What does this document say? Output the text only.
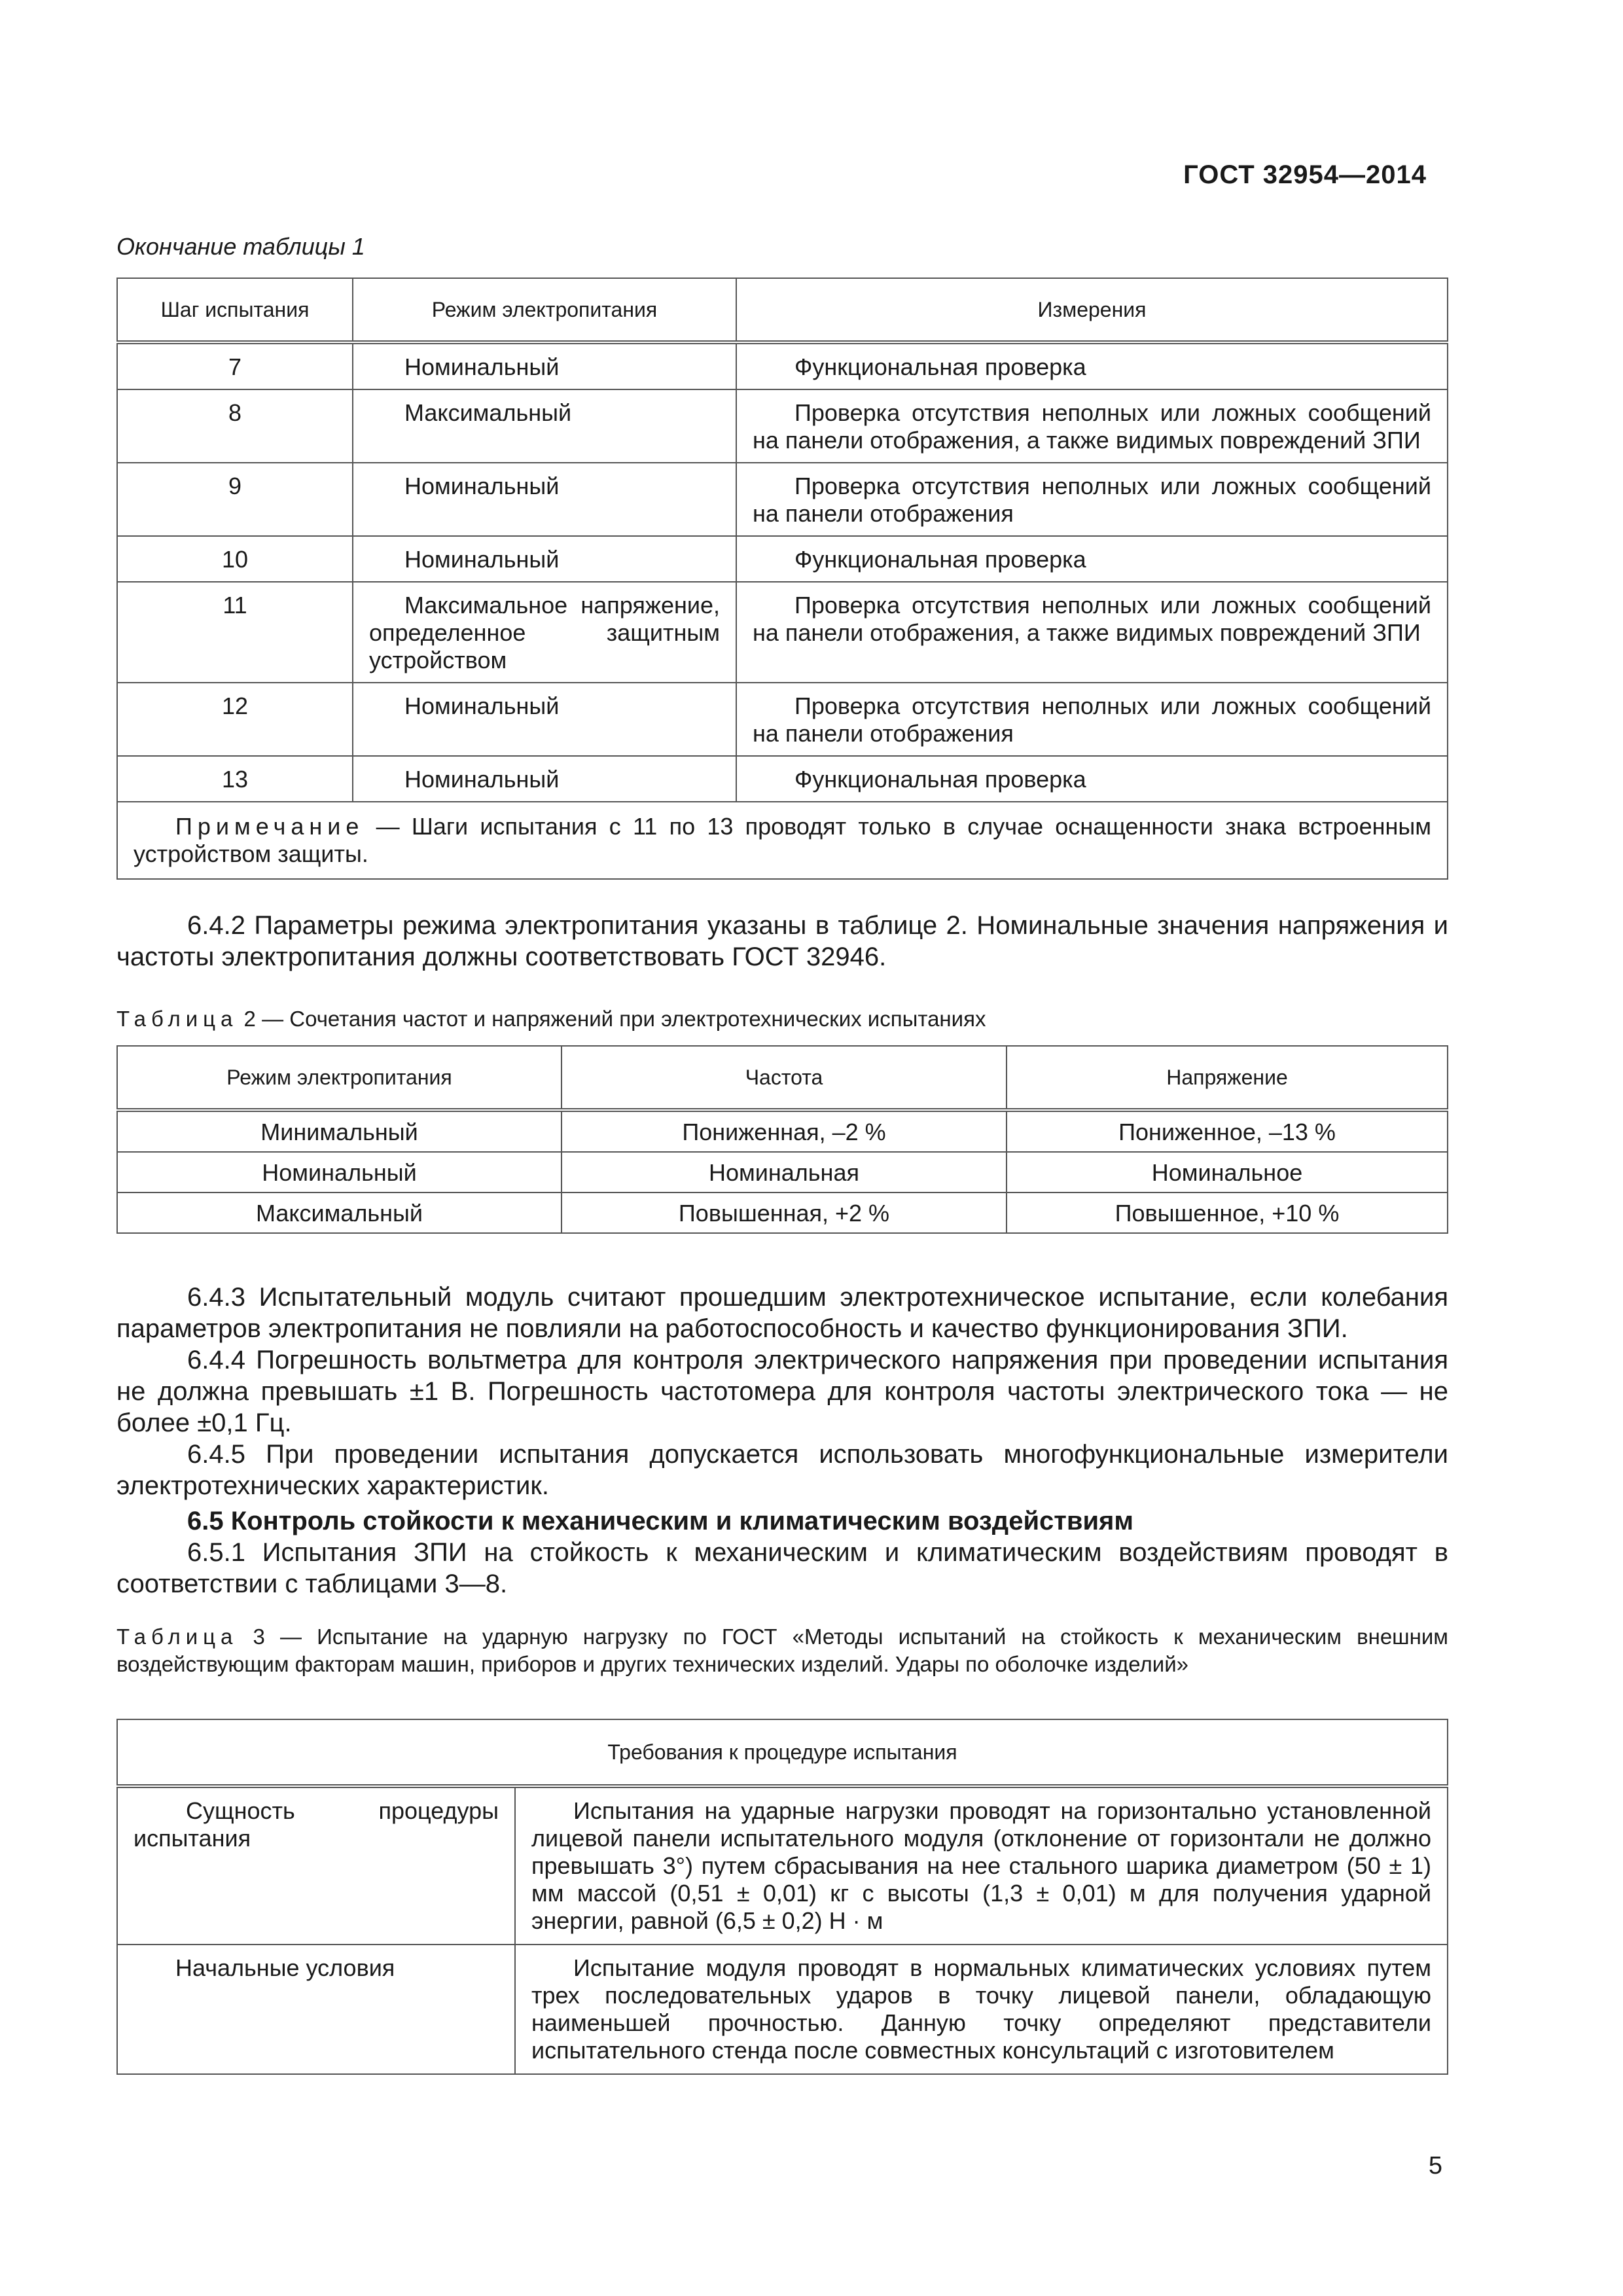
ГОСТ 32954—2014
Окончание таблицы 1
Шаг испытания	Режим электропитания	Измерения
7	Номинальный	Функциональная проверка
8	Максимальный	Проверка отсутствия неполных или ложных сообщений на панели отображения, а также видимых повреждений ЗПИ
9	Номинальный	Проверка отсутствия неполных или ложных сообщений на панели отображения
10	Номинальный	Функциональная проверка
11	Максимальное напряжение, определенное защитным устройством	Проверка отсутствия неполных или ложных сообщений на панели отображения, а также видимых повреждений ЗПИ
12	Номинальный	Проверка отсутствия неполных или ложных сообщений на панели отображения
13	Номинальный	Функциональная проверка
Примечание — Шаги испытания с 11 по 13 проводят только в случае оснащенности знака встроенным устройством защиты.		

6.4.2 Параметры режима электропитания указаны в таблице 2. Номинальные значения напряжения и частоты электропитания должны соответствовать ГОСТ 32946.

Таблица 2 — Сочетания частот и напряжений при электротехнических испытаниях
Режим электропитания	Частота	Напряжение
Минимальный	Пониженная, –2 %	Пониженное, –13 %
Номинальный	Номинальная	Номинальное
Максимальный	Повышенная, +2 %	Повышенное, +10 %

6.4.3 Испытательный модуль считают прошедшим электротехническое испытание, если колебания параметров электропитания не повлияли на работоспособность и качество функционирования ЗПИ.

6.4.4 Погрешность вольтметра для контроля электрического напряжения при проведении испытания не должна превышать ±1 В. Погрешность частотомера для контроля частоты электрического тока — не более ±0,1 Гц.

6.4.5 При проведении испытания допускается использовать многофункциональные измерители электротехнических характеристик.

6.5 Контроль стойкости к механическим и климатическим воздействиям

6.5.1 Испытания ЗПИ на стойкость к механическим и климатическим воздействиям проводят в соответствии с таблицами 3—8.

Таблица 3 — Испытание на ударную нагрузку по ГОСТ «Методы испытаний на стойкость к механическим внешним воздействующим факторам машин, приборов и других технических изделий. Удары по оболочке изделий»
Требования к процедуре испытания	

Сущность процедуры
испытания	Испытания на ударные нагрузки проводят на горизонтально установленной лицевой панели испытательного модуля (отклонение от горизонтали не должно превышать 3°) путем сбрасывания на нее стального шарика диаметром (50 ± 1) мм массой (0,51 ± 0,01) кг с высоты (1,3 ± 0,01) м для получения ударной энергии, равной (6,5 ± 0,2) Н · м
Начальные условия	Испытание модуля проводят в нормальных климатических условиях путем трех последовательных ударов в точку лицевой панели, обладающую наименьшей прочностью. Данную точку определяют представители испытательного стенда после совместных консультаций с изготовителем
5
